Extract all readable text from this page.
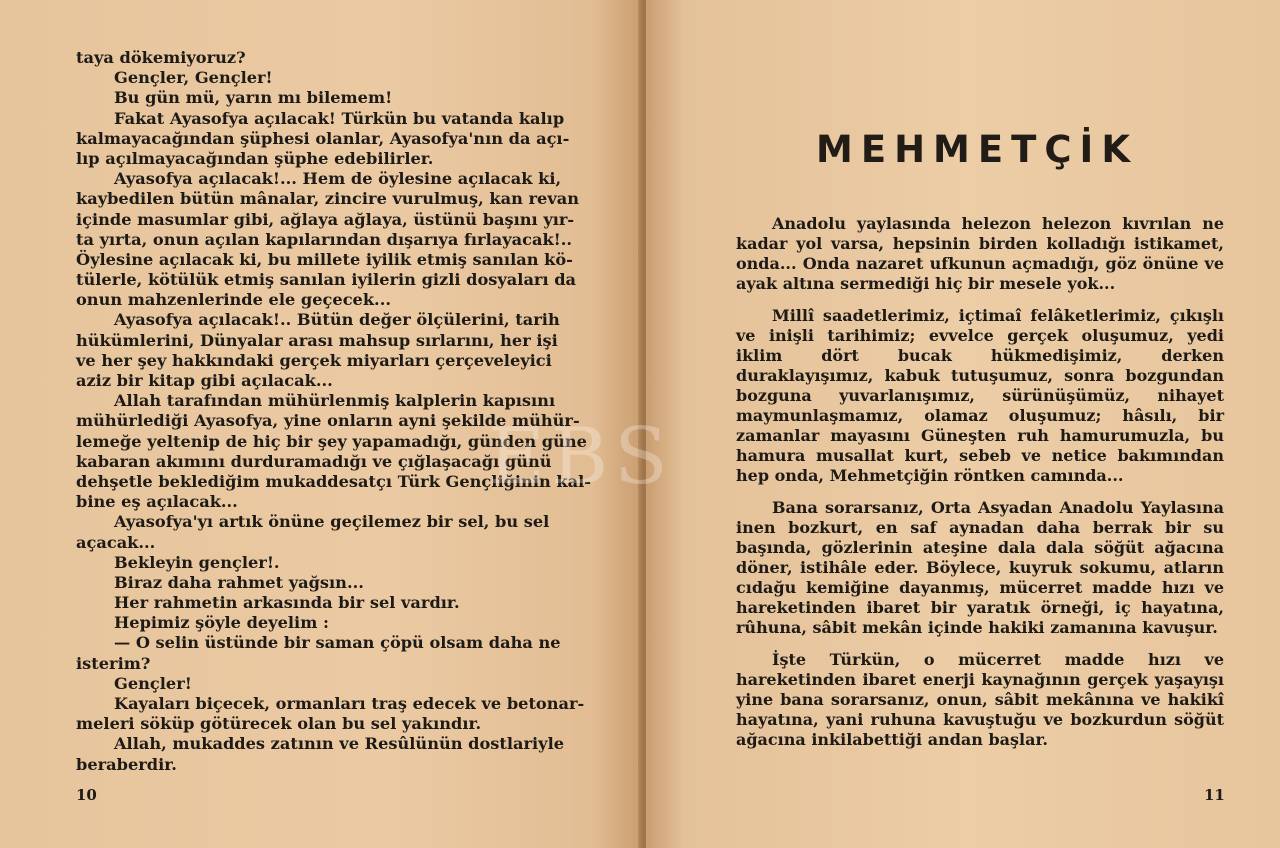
taya dökemiyoruz?
Gençler, Gençler!
Bu gün mü, yarın mı bilemem!
Fakat Ayasofya açılacak! Türkün bu vatanda kalıp
kalmayacağından şüphesi olanlar, Ayasofya'nın da açı-
lıp açılmayacağından şüphe edebilirler.
Ayasofya açılacak!... Hem de öylesine açılacak ki,
kaybedilen bütün mânalar, zincire vurulmuş, kan revan
içinde masumlar gibi, ağlaya ağlaya, üstünü başını yır-
ta yırta, onun açılan kapılarından dışarıya fırlayacak!..
Öylesine açılacak ki, bu millete iyilik etmiş sanılan kö-
tülerle, kötülük etmiş sanılan iyilerin gizli dosyaları da
onun mahzenlerinde ele geçecek...
Ayasofya açılacak!.. Bütün değer ölçülerini, tarih
hükümlerini, Dünyalar arası mahsup sırlarını, her işi
ve her şey hakkındaki gerçek miyarları çerçeveleyici
aziz bir kitap gibi açılacak...
Allah tarafından mühürlenmiş kalplerin kapısını
mühürlediği Ayasofya, yine onların ayni şekilde mühür-
lemeğe yeltenip de hiç bir şey yapamadığı, günden güne
kabaran akımını durduramadığı ve çığlaşacağı günü
dehşetle beklediğim mukaddesatçı Türk Gençliğinin kal-
bine eş açılacak...
Ayasofya'yı artık önüne geçilemez bir sel, bu sel
açacak...
Bekleyin gençler!.
Biraz daha rahmet yağsın...
Her rahmetin arkasında bir sel vardır.
Hepimiz şöyle deyelim :
— O selin üstünde bir saman çöpü olsam daha ne
isterim?
Gençler!
Kayaları biçecek, ormanları traş edecek ve betonar-
meleri söküp götürecek olan bu sel yakındır.
Allah, mukaddes zatının ve Resûlünün dostlariyle
beraberdir.
10
MEHMETÇİK

Anadolu yaylasında helezon helezon kıvrılan ne kadar yol varsa, hepsinin birden kolladığı istikamet, onda... Onda nazaret ufkunun açmadığı, göz önüne ve ayak altına sermediği hiç bir mesele yok...

Millî saadetlerimiz, içtimaî felâketlerimiz, çıkışlı ve inişli tarihimiz; evvelce gerçek oluşumuz, yedi iklim dört bucak hükmedişimiz, derken duraklayışımız, kabuk tutuşumuz, sonra bozgundan bozguna yuvarlanışımız, sürünüşümüz, nihayet maymunlaşmamız, olamaz oluşumuz; hâsılı, bir zamanlar mayasını Güneşten ruh hamurumuzla, bu hamura musallat kurt, sebeb ve netice bakımından hep onda, Mehmetçiğin röntken camında...

Bana sorarsanız, Orta Asyadan Anadolu Yaylasına inen bozkurt, en saf aynadan daha berrak bir su başında, gözlerinin ateşine dala dala söğüt ağacına döner, istihâle eder. Böylece, kuyruk sokumu, atların cıdağu kemiğine dayanmış, mücerret madde hızı ve hareketinden ibaret bir yaratık örneği, iç hayatına, rûhuna, sâbit mekân içinde hakiki zamanına kavuşur.

İşte Türkün, o mücerret madde hızı ve hareketinden ibaret enerji kaynağının gerçek yaşayışı yine bana sorarsanız, onun, sâbit mekânına ve hakikî hayatına, yani ruhuna kavuştuğu ve bozkurdun söğüt ağacına inkilabettiği andan başlar.

11
EBS
